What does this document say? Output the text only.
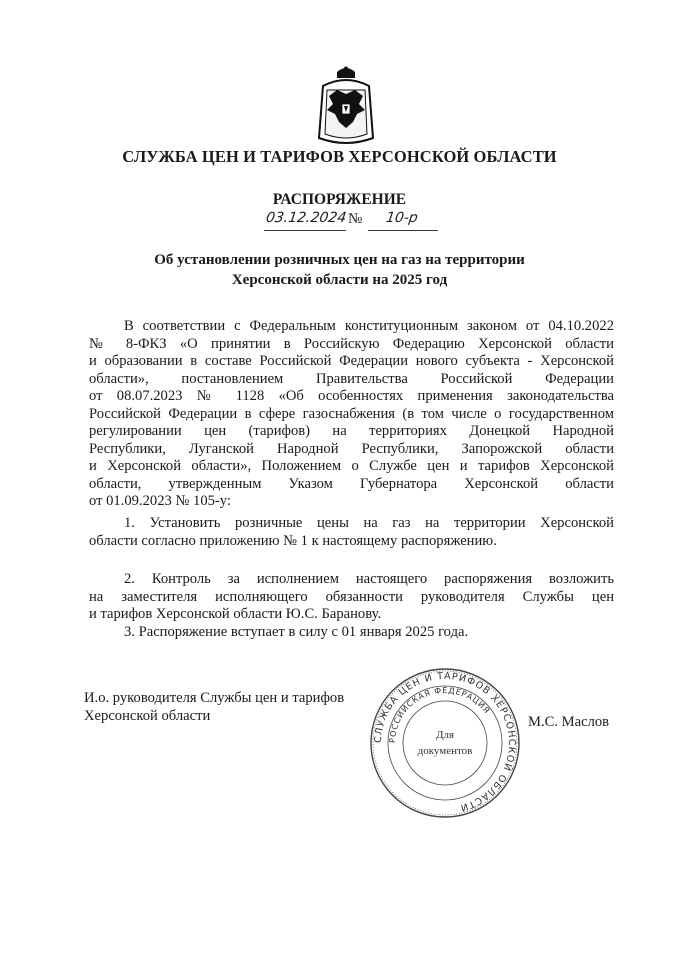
СЛУЖБА ЦЕН И ТАРИФОВ ХЕРСОНСКОЙ ОБЛАСТИ
РАСПОРЯЖЕНИЕ
03.12.2024 № 10-р
Об установлении розничных цен на газ на территории
Херсонской области на 2025 год
В соответствии с Федеральным конституционным законом от 04.10.2022
№ 8-ФКЗ «О принятии в Российскую Федерацию Херсонской области
и образовании в составе Российской Федерации нового субъекта - Херсонской
области», постановлением Правительства Российской Федерации
от 08.07.2023 № 1128 «Об особенностях применения законодательства
Российской Федерации в сфере газоснабжения (в том числе о государственном
регулировании цен (тарифов) на территориях Донецкой Народной
Республики, Луганской Народной Республики, Запорожской области
и Херсонской области», Положением о Службе цен и тарифов Херсонской
области, утвержденным Указом Губернатора Херсонской области
от 01.09.2023 № 105-у:
1. Установить розничные цены на газ на территории Херсонской
области согласно приложению № 1 к настоящему распоряжению.
2. Контроль за исполнением настоящего распоряжения возложить
на заместителя исполняющего обязанности руководителя Службы цен
и тарифов Херсонской области Ю.С. Баранову.
3. Распоряжение вступает в силу с 01 января 2025 года.
И.о. руководителя Службы цен и тарифов
Херсонской области
СЛУЖБА ЦЕН И ТАРИФОВ ХЕРСОНСКОЙ ОБЛАСТИ
РОССИЙСКАЯ ФЕДЕРАЦИЯ
Для
документов
М.С. Маслов
